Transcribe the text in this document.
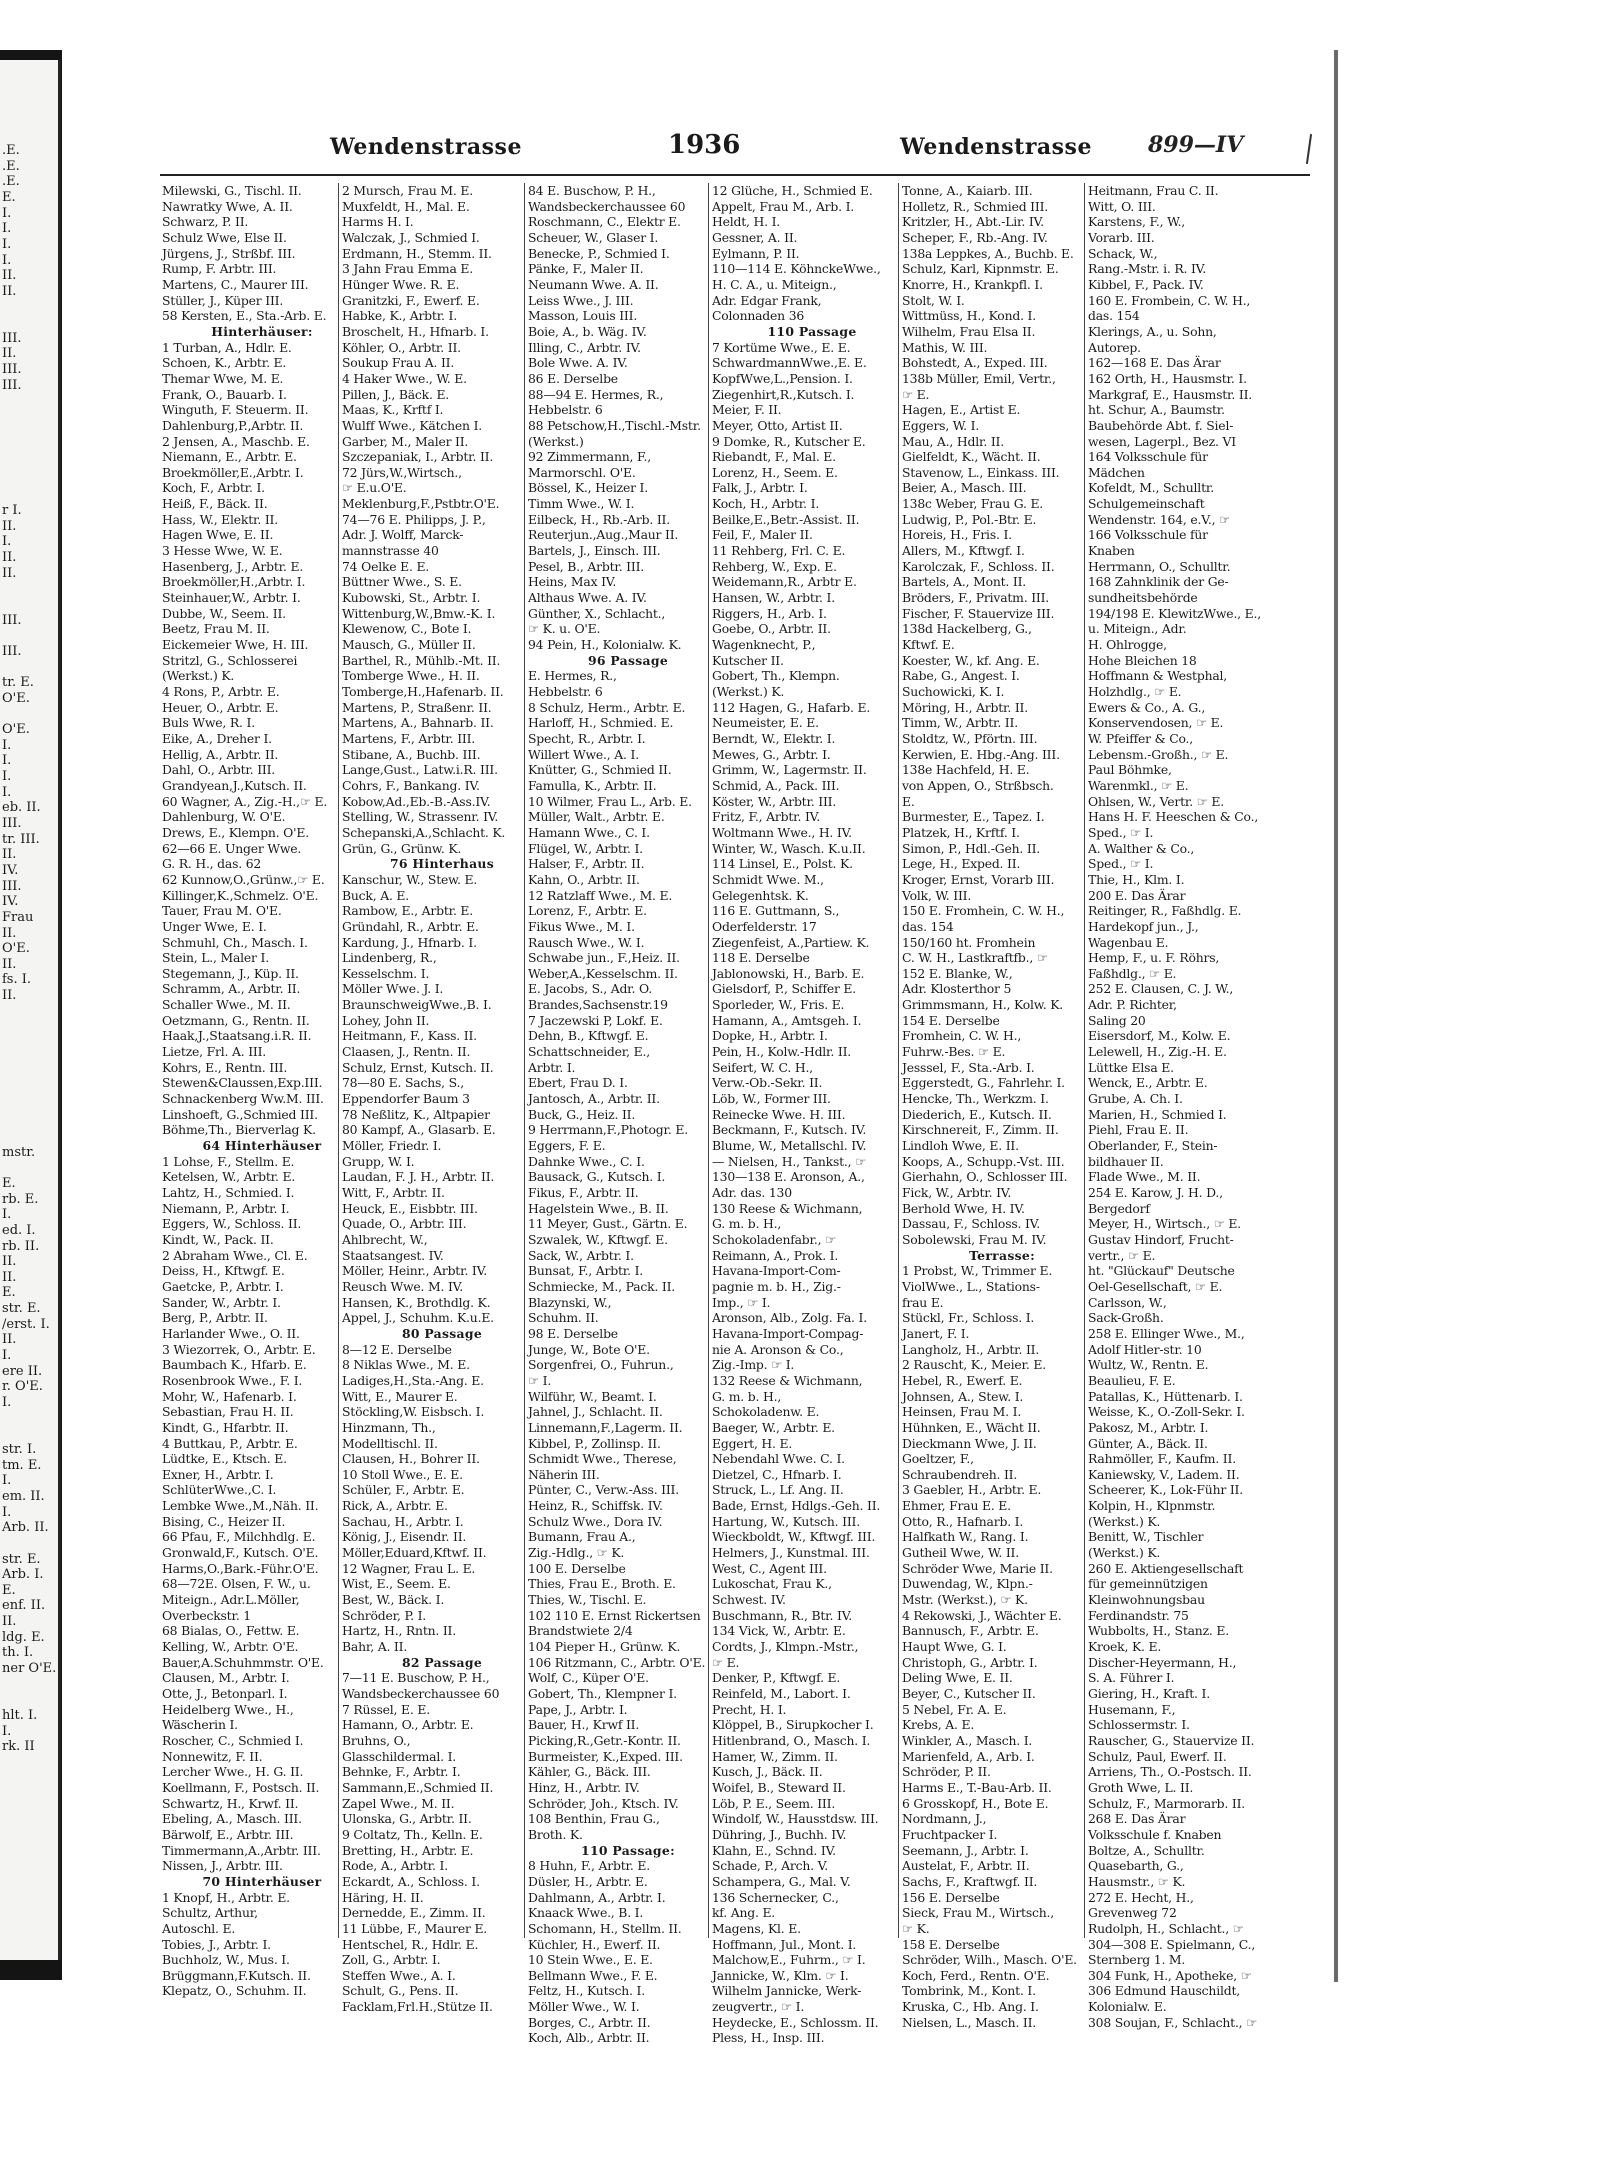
.E.
.E.
.E.
E.
I.
I.
I.
I.
II.
II.
III.
II.
III.
III.
r I.
II.
I.
II.
II.
III.
III.
tr. E.
O'E.
O'E.
I.
I.
I.
I.
eb. II.
III.
tr. III.
II.
IV.
III.
IV.
Frau
II.
O'E.
II.
fs. I.
II.
mstr.
E.
rb. E.
I.
ed. I.
rb. II.
II.
II.
E.
str. E.
/erst. I.
II.
I.
ere II.
r. O'E.
I.
str. I.
tm. E.
I.
em. II.
I.
Arb. II.
str. E.
Arb. I.
E.
enf. II.
II.
ldg. E.
th. I.
ner O'E.
hlt. I.
I.
rk. II
Wendenstrasse	1936	Wendenstrasse	899—IV
Milewski, G., Tischl. II.
Nawratky Wwe, A. II.
Schwarz, P. II.
Schulz Wwe, Else II.
Jürgens, J., Strßbf. III.
Rump, F. Arbtr. III.
Martens, C., Maurer III.
Stüller, J., Küper III.
58 Kersten, E., Sta.-Arb. E.
Hinterhäuser:
1 Turban, A., Hdlr. E.
Schoen, K., Arbtr. E.
Themar Wwe, M. E.
Frank, O., Bauarb. I.
Winguth, F. Steuerm. II.
Dahlenburg,P.,Arbtr. II.
2 Jensen, A., Maschb. E.
Niemann, E., Arbtr. E.
Broekmöller,E.,Arbtr. I.
Koch, F., Arbtr. I.
Heiß, F., Bäck. II.
Hass, W., Elektr. II.
Hagen Wwe, E. II.
3 Hesse Wwe, W. E.
Hasenberg, J., Arbtr. E.
Broekmöller,H.,Arbtr. I.
Steinhauer,W., Arbtr. I.
Dubbe, W., Seem. II.
Beetz, Frau M. II.
Eickemeier Wwe, H. III.
Stritzl, G., Schlosserei
(Werkst.) K.
4 Rons, P., Arbtr. E.
Heuer, O., Arbtr. E.
Buls Wwe, R. I.
Eike, A., Dreher I.
Hellig, A., Arbtr. II.
Dahl, O., Arbtr. III.
Grandyean,J.,Kutsch. II.
60 Wagner, A., Zig.-H.,☞ E.
Dahlenburg, W. O'E.
Drews, E., Klempn. O'E.
62—66 E. Unger Wwe.
G. R. H., das. 62
62 Kunnow,O.,Grünw.,☞ E.
Killinger,K.,Schmelz. O'E.
Tauer, Frau M. O'E.
Unger Wwe, E. I.
Schmuhl, Ch., Masch. I.
Stein, L., Maler I.
Stegemann, J., Küp. II.
Schramm, A., Arbtr. II.
Schaller Wwe., M. II.
Oetzmann, G., Rentn. II.
Haak,J.,Staatsang.i.R. II.
Lietze, Frl. A. III.
Kohrs, E., Rentn. III.
Stewen&Claussen,Exp.III.
Schnackenberg Ww.M. III.
Linshoeft, G.,Schmied III.
Böhme,Th., Bierverlag K.
64 Hinterhäuser
1 Lohse, F., Stellm. E.
Ketelsen, W., Arbtr. E.
Lahtz, H., Schmied. I.
Niemann, P., Arbtr. I.
Eggers, W., Schloss. II.
Kindt, W., Pack. II.
2 Abraham Wwe., Cl. E.
Deiss, H., Kftwgf. E.
Gaetcke, P., Arbtr. I.
Sander, W., Arbtr. I.
Berg, P., Arbtr. II.
Harlander Wwe., O. II.
3 Wiezorrek, O., Arbtr. E.
Baumbach K., Hfarb. E.
Rosenbrook Wwe., F. I.
Mohr, W., Hafenarb. I.
Sebastian, Frau H. II.
Kindt, G., Hfarbtr. II.
4 Buttkau, P., Arbtr. E.
Lüdtke, E., Ktsch. E.
Exner, H., Arbtr. I.
SchlüterWwe.,C. I.
Lembke Wwe.,M.,Näh. II.
Bising, C., Heizer II.
66 Pfau, F., Milchhdlg. E.
Gronwald,F., Kutsch. O'E.
Harms,O.,Bark.-Führ.O'E.
68—72E. Olsen, F. W., u.
Miteign., Adr.L.Möller,
Overbeckstr. 1
68 Bialas, O., Fettw. E.
Kelling, W., Arbtr. O'E.
Bauer,A.Schuhmmstr. O'E.
Clausen, M., Arbtr. I.
Otte, J., Betonparl. I.
Heidelberg Wwe., H.,
Wäscherin I.
Roscher, C., Schmied I.
Nonnewitz, F. II.
Lercher Wwe., H. G. II.
Koellmann, F., Postsch. II.
Schwartz, H., Krwf. II.
Ebeling, A., Masch. III.
Bärwolf, E., Arbtr. III.
Timmermann,A.,Arbtr. III.
Nissen, J., Arbtr. III.
70 Hinterhäuser
1 Knopf, H., Arbtr. E.
Schultz, Arthur,
Autoschl. E.
Tobies, J., Arbtr. I.
Buchholz, W., Mus. I.
Brüggmann,F.Kutsch. II.
Klepatz, O., Schuhm. II.
2 Mursch, Frau M. E.
Muxfeldt, H., Mal. E.
Harms H. I.
Walczak, J., Schmied I.
Erdmann, H., Stemm. II.
3 Jahn Frau Emma E.
Hünger Wwe. R. E.
Granitzki, F., Ewerf. E.
Habke, K., Arbtr. I.
Broschelt, H., Hfnarb. I.
Köhler, O., Arbtr. II.
Soukup Frau A. II.
4 Haker Wwe., W. E.
Pillen, J., Bäck. E.
Maas, K., Krftf I.
Wulff Wwe., Kätchen I.
Garber, M., Maler II.
Szczepaniak, I., Arbtr. II.
72 Jürs,W.,Wirtsch.,
☞ E.u.O'E.
Meklenburg,F.,Pstbtr.O'E.
74—76 E. Philipps, J. P.,
Adr. J. Wolff, Marck-
mannstrasse 40
74 Oelke E. E.
Büttner Wwe., S. E.
Kubowski, St., Arbtr. I.
Wittenburg,W.,Bmw.-K. I.
Klewenow, C., Bote I.
Mausch, G., Müller II.
Barthel, R., Mühlb.-Mt. II.
Tomberge Wwe., H. II.
Tomberge,H.,Hafenarb. II.
Martens, P., Straßenr. II.
Martens, A., Bahnarb. II.
Martens, F., Arbtr. III.
Stibane, A., Buchb. III.
Lange,Gust., Latw.i.R. III.
Cohrs, F., Bankang. IV.
Kobow,Ad.,Eb.-B.-Ass.IV.
Stelling, W., Strassenr. IV.
Schepanski,A.,Schlacht. K.
Grün, G., Grünw. K.
76 Hinterhaus
Kanschur, W., Stew. E.
Buck, A. E.
Rambow, E., Arbtr. E.
Gründahl, R., Arbtr. E.
Kardung, J., Hfnarb. I.
Lindenberg, R.,
Kesselschm. I.
Möller Wwe. J. I.
BraunschweigWwe.,B. I.
Lohey, John II.
Heitmann, F., Kass. II.
Claasen, J., Rentn. II.
Schulz, Ernst, Kutsch. II.
78—80 E. Sachs, S.,
Eppendorfer Baum 3
78 Neßlitz, K., Altpapier
80 Kampf, A., Glasarb. E.
Möller, Friedr. I.
Grupp, W. I.
Laudan, F. J. H., Arbtr. II.
Witt, F., Arbtr. II.
Heuck, E., Eisbbtr. III.
Quade, O., Arbtr. III.
Ahlbrecht, W.,
Staatsangest. IV.
Möller, Heinr., Arbtr. IV.
Reusch Wwe. M. IV.
Hansen, K., Brothdlg. K.
Appel, J., Schuhm. K.u.E.
80 Passage
8—12 E. Derselbe
8 Niklas Wwe., M. E.
Ladiges,H.,Sta.-Ang. E.
Witt, E., Maurer E.
Stöckling,W. Eisbsch. I.
Hinzmann, Th.,
Modelltischl. II.
Clausen, H., Bohrer II.
10 Stoll Wwe., E. E.
Schüler, F., Arbtr. E.
Rick, A., Arbtr. E.
Sachau, H., Arbtr. I.
König, J., Eisendr. II.
Möller,Eduard,Kftwf. II.
12 Wagner, Frau L. E.
Wist, E., Seem. E.
Best, W., Bäck. I.
Schröder, P. I.
Hartz, H., Rntn. II.
Bahr, A. II.
82 Passage
7—11 E. Buschow, P. H.,
Wandsbeckerchaussee 60
7 Rüssel, E. E.
Hamann, O., Arbtr. E.
Bruhns, O.,
Glasschildermal. I.
Behnke, F., Arbtr. I.
Sammann,E.,Schmied II.
Zapel Wwe., M. II.
Ulonska, G., Arbtr. II.
9 Coltatz, Th., Kelln. E.
Bretting, H., Arbtr. E.
Rode, A., Arbtr. I.
Eckardt, A., Schloss. I.
Häring, H. II.
Dernedde, E., Zimm. II.
11 Lübbe, F., Maurer E.
Hentschel, R., Hdlr. E.
Zoll, G., Arbtr. I.
Steffen Wwe., A. I.
Schult, G., Pens. II.
Facklam,Frl.H.,Stütze II.
84 E. Buschow, P. H.,
Wandsbeckerchaussee 60
Roschmann, C., Elektr E.
Scheuer, W., Glaser I.
Benecke, P., Schmied I.
Pänke, F., Maler II.
Neumann Wwe. A. II.
Leiss Wwe., J. III.
Masson, Louis III.
Boie, A., b. Wäg. IV.
Illing, C., Arbtr. IV.
Bole Wwe. A. IV.
86 E. Derselbe
88—94 E. Hermes, R.,
Hebbelstr. 6
88 Petschow,H.,Tischl.-Mstr.
(Werkst.)
92 Zimmermann, F.,
Marmorschl. O'E.
Bössel, K., Heizer I.
Timm Wwe., W. I.
Eilbeck, H., Rb.-Arb. II.
Reuterjun.,Aug.,Maur II.
Bartels, J., Einsch. III.
Pesel, B., Arbtr. III.
Heins, Max IV.
Althaus Wwe. A. IV.
Günther, X., Schlacht.,
☞ K. u. O'E.
94 Pein, H., Kolonialw. K.
96 Passage
E. Hermes, R.,
Hebbelstr. 6
8 Schulz, Herm., Arbtr. E.
Harloff, H., Schmied. E.
Specht, R., Arbtr. I.
Willert Wwe., A. I.
Knütter, G., Schmied II.
Famulla, K., Arbtr. II.
10 Wilmer, Frau L., Arb. E.
Müller, Walt., Arbtr. E.
Hamann Wwe., C. I.
Flügel, W., Arbtr. I.
Halser, F., Arbtr. II.
Kahn, O., Arbtr. II.
12 Ratzlaff Wwe., M. E.
Lorenz, F., Arbtr. E.
Fikus Wwe., M. I.
Rausch Wwe., W. I.
Schwabe jun., F.,Heiz. II.
Weber,A.,Kesselschm. II.
E. Jacobs, S., Adr. O.
Brandes,Sachsenstr.19
7 Jaczewski P, Lokf. E.
Dehn, B., Kftwgf. E.
Schattschneider, E.,
Arbtr. I.
Ebert, Frau D. I.
Jantosch, A., Arbtr. II.
Buck, G., Heiz. II.
9 Herrmann,F.,Photogr. E.
Eggers, F. E.
Dahnke Wwe., C. I.
Bausack, G., Kutsch. I.
Fikus, F., Arbtr. II.
Hagelstein Wwe., B. II.
11 Meyer, Gust., Gärtn. E.
Szwalek, W., Kftwgf. E.
Sack, W., Arbtr. I.
Bunsat, F., Arbtr. I.
Schmiecke, M., Pack. II.
Blazynski, W.,
Schuhm. II.
98 E. Derselbe
Junge, W., Bote O'E.
Sorgenfrei, O., Fuhrun.,
☞ I.
Wilführ, W., Beamt. I.
Jahnel, J., Schlacht. II.
Linnemann,F.,Lagerm. II.
Kibbel, P., Zollinsp. II.
Schmidt Wwe., Therese,
Näherin III.
Pünter, C., Verw.-Ass. III.
Heinz, R., Schiffsk. IV.
Schulz Wwe., Dora IV.
Bumann, Frau A.,
Zig.-Hdlg., ☞ K.
100 E. Derselbe
Thies, Frau E., Broth. E.
Thies, W., Tischl. E.
102 110 E. Ernst Rickertsen
Brandstwiete 2/4
104 Pieper H., Grünw. K.
106 Ritzmann, C., Arbtr. O'E.
Wolf, C., Küper O'E.
Gobert, Th., Klempner I.
Pape, J., Arbtr. I.
Bauer, H., Krwf II.
Picking,R.,Getr.-Kontr. II.
Burmeister, K.,Exped. III.
Kähler, G., Bäck. III.
Hinz, H., Arbtr. IV.
Schröder, Joh., Ktsch. IV.
108 Benthin, Frau G.,
Broth. K.
110 Passage:
8 Huhn, F., Arbtr. E.
Düsler, H., Arbtr. E.
Dahlmann, A., Arbtr. I.
Knaack Wwe., B. I.
Schomann, H., Stellm. II.
Küchler, H., Ewerf. II.
10 Stein Wwe., E. E.
Bellmann Wwe., F. E.
Feltz, H., Kutsch. I.
Möller Wwe., W. I.
Borges, C., Arbtr. II.
Koch, Alb., Arbtr. II.
12 Glüche, H., Schmied E.
Appelt, Frau M., Arb. I.
Heldt, H. I.
Gessner, A. II.
Eylmann, P. II.
110—114 E. KöhnckeWwe.,
H. C. A., u. Miteign.,
Adr. Edgar Frank,
Colonnaden 36
110 Passage
7 Kortüme Wwe., E. E.
SchwardmannWwe.,E. E.
KopfWwe,L.,Pension. I.
Ziegenhirt,R.,Kutsch. I.
Meier, F. II.
Meyer, Otto, Artist II.
9 Domke, R., Kutscher E.
Riebandt, F., Mal. E.
Lorenz, H., Seem. E.
Falk, J., Arbtr. I.
Koch, H., Arbtr. I.
Beilke,E.,Betr.-Assist. II.
Feil, F., Maler II.
11 Rehberg, Frl. C. E.
Rehberg, W., Exp. E.
Weidemann,R., Arbtr E.
Hansen, W., Arbtr. I.
Riggers, H., Arb. I.
Goebe, O., Arbtr. II.
Wagenknecht, P.,
Kutscher II.
Gobert, Th., Klempn.
(Werkst.) K.
112 Hagen, G., Hafarb. E.
Neumeister, E. E.
Berndt, W., Elektr. I.
Mewes, G., Arbtr. I.
Grimm, W., Lagermstr. II.
Schmid, A., Pack. III.
Köster, W., Arbtr. III.
Fritz, F., Arbtr. IV.
Woltmann Wwe., H. IV.
Winter, W., Wasch. K.u.II.
114 Linsel, E., Polst. K.
Schmidt Wwe. M.,
Gelegenhtsk. K.
116 E. Guttmann, S.,
Oderfelderstr. 17
Ziegenfeist, A.,Partiew. K.
118 E. Derselbe
Jablonowski, H., Barb. E.
Gielsdorf, P., Schiffer E.
Sporleder, W., Fris. E.
Hamann, A., Amtsgeh. I.
Dopke, H., Arbtr. I.
Pein, H., Kolw.-Hdlr. II.
Seifert, W. C. H.,
Verw.-Ob.-Sekr. II.
Löb, W., Former III.
Reinecke Wwe. H. III.
Beckmann, F., Kutsch. IV.
Blume, W., Metallschl. IV.
— Nielsen, H., Tankst., ☞
130—138 E. Aronson, A.,
Adr. das. 130
130 Reese & Wichmann,
G. m. b. H.,
Schokoladenfabr., ☞
Reimann, A., Prok. I.
Havana-Import-Com-
pagnie m. b. H., Zig.-
Imp., ☞ I.
Aronson, Alb., Zolg. Fa. I.
Havana-Import-Compag-
nie A. Aronson & Co.,
Zig.-Imp. ☞ I.
132 Reese & Wichmann,
G. m. b. H.,
Schokoladenw. E.
Baeger, W., Arbtr. E.
Eggert, H. E.
Nebendahl Wwe. C. I.
Dietzel, C., Hfnarb. I.
Struck, L., Lf. Ang. II.
Bade, Ernst, Hdlgs.-Geh. II.
Hartung, W., Kutsch. III.
Wieckboldt, W., Kftwgf. III.
Helmers, J., Kunstmal. III.
West, C., Agent III.
Lukoschat, Frau K.,
Schwest. IV.
Buschmann, R., Btr. IV.
134 Vick, W., Arbtr. E.
Cordts, J., Klmpn.-Mstr.,
☞ E.
Denker, P., Kftwgf. E.
Reinfeld, M., Labort. I.
Precht, H. I.
Klöppel, B., Sirupkocher I.
Hitlenbrand, O., Masch. I.
Hamer, W., Zimm. II.
Kusch, J., Bäck. II.
Woifel, B., Steward II.
Löb, P. E., Seem. III.
Windolf, W., Hausstdsw. III.
Dühring, J., Buchh. IV.
Klahn, E., Schnd. IV.
Schade, P., Arch. V.
Schampera, G., Mal. V.
136 Schernecker, C.,
kf. Ang. E.
Magens, Kl. E.
Hoffmann, Jul., Mont. I.
Malchow,E., Fuhrm., ☞ I.
Jannicke, W., Klm. ☞ I.
Wilhelm Jannicke, Werk-
zeugvertr., ☞ I.
Heydecke, E., Schlossm. II.
Pless, H., Insp. III.
Tonne, A., Kaiarb. III.
Holletz, R., Schmied III.
Kritzler, H., Abt.-Lir. IV.
Scheper, F., Rb.-Ang. IV.
138a Leppkes, A., Buchb. E.
Schulz, Karl, Kipnmstr. E.
Knorre, H., Krankpfl. I.
Stolt, W. I.
Wittmüss, H., Kond. I.
Wilhelm, Frau Elsa II.
Mathis, W. III.
Bohstedt, A., Exped. III.
138b Müller, Emil, Vertr.,
☞ E.
Hagen, E., Artist E.
Eggers, W. I.
Mau, A., Hdlr. II.
Gielfeldt, K., Wächt. II.
Stavenow, L., Einkass. III.
Beier, A., Masch. III.
138c Weber, Frau G. E.
Ludwig, P., Pol.-Btr. E.
Horeis, H., Fris. I.
Allers, M., Kftwgf. I.
Karolczak, F., Schloss. II.
Bartels, A., Mont. II.
Bröders, F., Privatm. III.
Fischer, F. Stauervize III.
138d Hackelberg, G.,
Kftwf. E.
Koester, W., kf. Ang. E.
Rabe, G., Angest. I.
Suchowicki, K. I.
Möring, H., Arbtr. II.
Timm, W., Arbtr. II.
Stoldtz, W., Pförtn. III.
Kerwien, E. Hbg.-Ang. III.
138e Hachfeld, H. E.
von Appen, O., Strßbsch.
E.
Burmester, E., Tapez. I.
Platzek, H., Krftf. I.
Simon, P., Hdl.-Geh. II.
Lege, H., Exped. II.
Kroger, Ernst, Vorarb III.
Volk, W. III.
150 E. Fromhein, C. W. H.,
das. 154
150/160 ht. Fromhein
C. W. H., Lastkraftfb., ☞
152 E. Blanke, W.,
Adr. Klosterthor 5
Grimmsmann, H., Kolw. K.
154 E. Derselbe
Fromhein, C. W. H.,
Fuhrw.-Bes. ☞ E.
Jesssel, F., Sta.-Arb. I.
Eggerstedt, G., Fahrlehr. I.
Hencke, Th., Werkzm. I.
Diederich, E., Kutsch. II.
Kirschnereit, F., Zimm. II.
Lindloh Wwe, E. II.
Koops, A., Schupp.-Vst. III.
Gierhahn, O., Schlosser III.
Fick, W., Arbtr. IV.
Berhold Wwe, H. IV.
Dassau, F., Schloss. IV.
Sobolewski, Frau M. IV.
Terrasse:
1 Probst, W., Trimmer E.
ViolWwe., L., Stations-
frau E.
Stückl, Fr., Schloss. I.
Janert, F. I.
Langholz, H., Arbtr. II.
2 Rauscht, K., Meier. E.
Hebel, R., Ewerf. E.
Johnsen, A., Stew. I.
Heinsen, Frau M. I.
Hühnken, E., Wächt II.
Dieckmann Wwe, J. II.
Goeltzer, F.,
Schraubendreh. II.
3 Gaebler, H., Arbtr. E.
Ehmer, Frau E. E.
Otto, R., Hafnarb. I.
Halfkath W., Rang. I.
Gutheil Wwe, W. II.
Schröder Wwe, Marie II.
Duwendag, W., Klpn.-
Mstr. (Werkst.), ☞ K.
4 Rekowski, J., Wächter E.
Bannusch, F., Arbtr. E.
Haupt Wwe, G. I.
Christoph, G., Arbtr. I.
Deling Wwe, E. II.
Beyer, C., Kutscher II.
5 Nebel, Fr. A. E.
Krebs, A. E.
Winkler, A., Masch. I.
Marienfeld, A., Arb. I.
Schröder, P. II.
Harms E., T.-Bau-Arb. II.
6 Grosskopf, H., Bote E.
Nordmann, J.,
Fruchtpacker I.
Seemann, J., Arbtr. I.
Austelat, F., Arbtr. II.
Sachs, F., Kraftwgf. II.
156 E. Derselbe
Sieck, Frau M., Wirtsch.,
☞ K.
158 E. Derselbe
Schröder, Wilh., Masch. O'E.
Koch, Ferd., Rentn. O'E.
Tombrink, M., Kont. I.
Kruska, C., Hb. Ang. I.
Nielsen, L., Masch. II.
Heitmann, Frau C. II.
Witt, O. III.
Karstens, F., W.,
Vorarb. III.
Schack, W.,
Rang.-Mstr. i. R. IV.
Kibbel, F., Pack. IV.
160 E. Frombein, C. W. H.,
das. 154
Klerings, A., u. Sohn,
Autorep.
162—168 E. Das Ärar
162 Orth, H., Hausmstr. I.
Markgraf, E., Hausmstr. II.
ht. Schur, A., Baumstr.
Baubehörde Abt. f. Siel-
wesen, Lagerpl., Bez. VI
164 Volksschule für
Mädchen
Kofeldt, M., Schulltr.
Schulgemeinschaft
Wendenstr. 164, e.V., ☞
166 Volksschule für
Knaben
Herrmann, O., Schulltr.
168 Zahnklinik der Ge-
sundheitsbehörde
194/198 E. KlewitzWwe., E.,
u. Miteign., Adr.
H. Ohlrogge,
Hohe Bleichen 18
Hoffmann & Westphal,
Holzhdlg., ☞ E.
Ewers & Co., A. G.,
Konservendosen, ☞ E.
W. Pfeiffer & Co.,
Lebensm.-Großh., ☞ E.
Paul Böhmke,
Warenmkl., ☞ E.
Ohlsen, W., Vertr. ☞ E.
Hans H. F. Heeschen & Co.,
Sped., ☞ I.
A. Walther & Co.,
Sped., ☞ I.
Thie, H., Klm. I.
200 E. Das Ärar
Reitinger, R., Faßhdlg. E.
Hardekopf jun., J.,
Wagenbau E.
Hemp, F., u. F. Röhrs,
Faßhdlg., ☞ E.
252 E. Clausen, C. J. W.,
Adr. P. Richter,
Saling 20
Eisersdorf, M., Kolw. E.
Lelewell, H., Zig.-H. E.
Lüttke Elsa E.
Wenck, E., Arbtr. E.
Grube, A. Ch. I.
Marien, H., Schmied I.
Piehl, Frau E. II.
Oberlander, F., Stein-
bildhauer II.
Flade Wwe., M. II.
254 E. Karow, J. H. D.,
Bergedorf
Meyer, H., Wirtsch., ☞ E.
Gustav Hindorf, Frucht-
vertr., ☞ E.
ht. "Glückauf" Deutsche
Oel-Gesellschaft, ☞ E.
Carlsson, W.,
Sack-Großh.
258 E. Ellinger Wwe., M.,
Adolf Hitler-str. 10
Wultz, W., Rentn. E.
Beaulieu, F. E.
Patallas, K., Hüttenarb. I.
Weisse, K., O.-Zoll-Sekr. I.
Pakosz, M., Arbtr. I.
Günter, A., Bäck. II.
Rahmöller, F., Kaufm. II.
Kaniewsky, V., Ladem. II.
Scheerer, K., Lok-Führ II.
Kolpin, H., Klpnmstr.
(Werkst.) K.
Benitt, W., Tischler
(Werkst.) K.
260 E. Aktiengesellschaft
für gemeinnützigen
Kleinwohnungsbau
Ferdinandstr. 75
Wubbolts, H., Stanz. E.
Kroek, K. E.
Discher-Heyermann, H.,
S. A. Führer I.
Giering, H., Kraft. I.
Husemann, F.,
Schlossermstr. I.
Rauscher, G., Stauervize II.
Schulz, Paul, Ewerf. II.
Arriens, Th., O.-Postsch. II.
Groth Wwe, L. II.
Schulz, F., Marmorarb. II.
268 E. Das Ärar
Volksschule f. Knaben
Boltze, A., Schulltr.
Quasebarth, G.,
Hausmstr., ☞ K.
272 E. Hecht, H.,
Grevenweg 72
Rudolph, H., Schlacht., ☞
304—308 E. Spielmann, C.,
Sternberg 1. M.
304 Funk, H., Apotheke, ☞
306 Edmund Hauschildt,
Kolonialw. E.
308 Soujan, F., Schlacht., ☞
